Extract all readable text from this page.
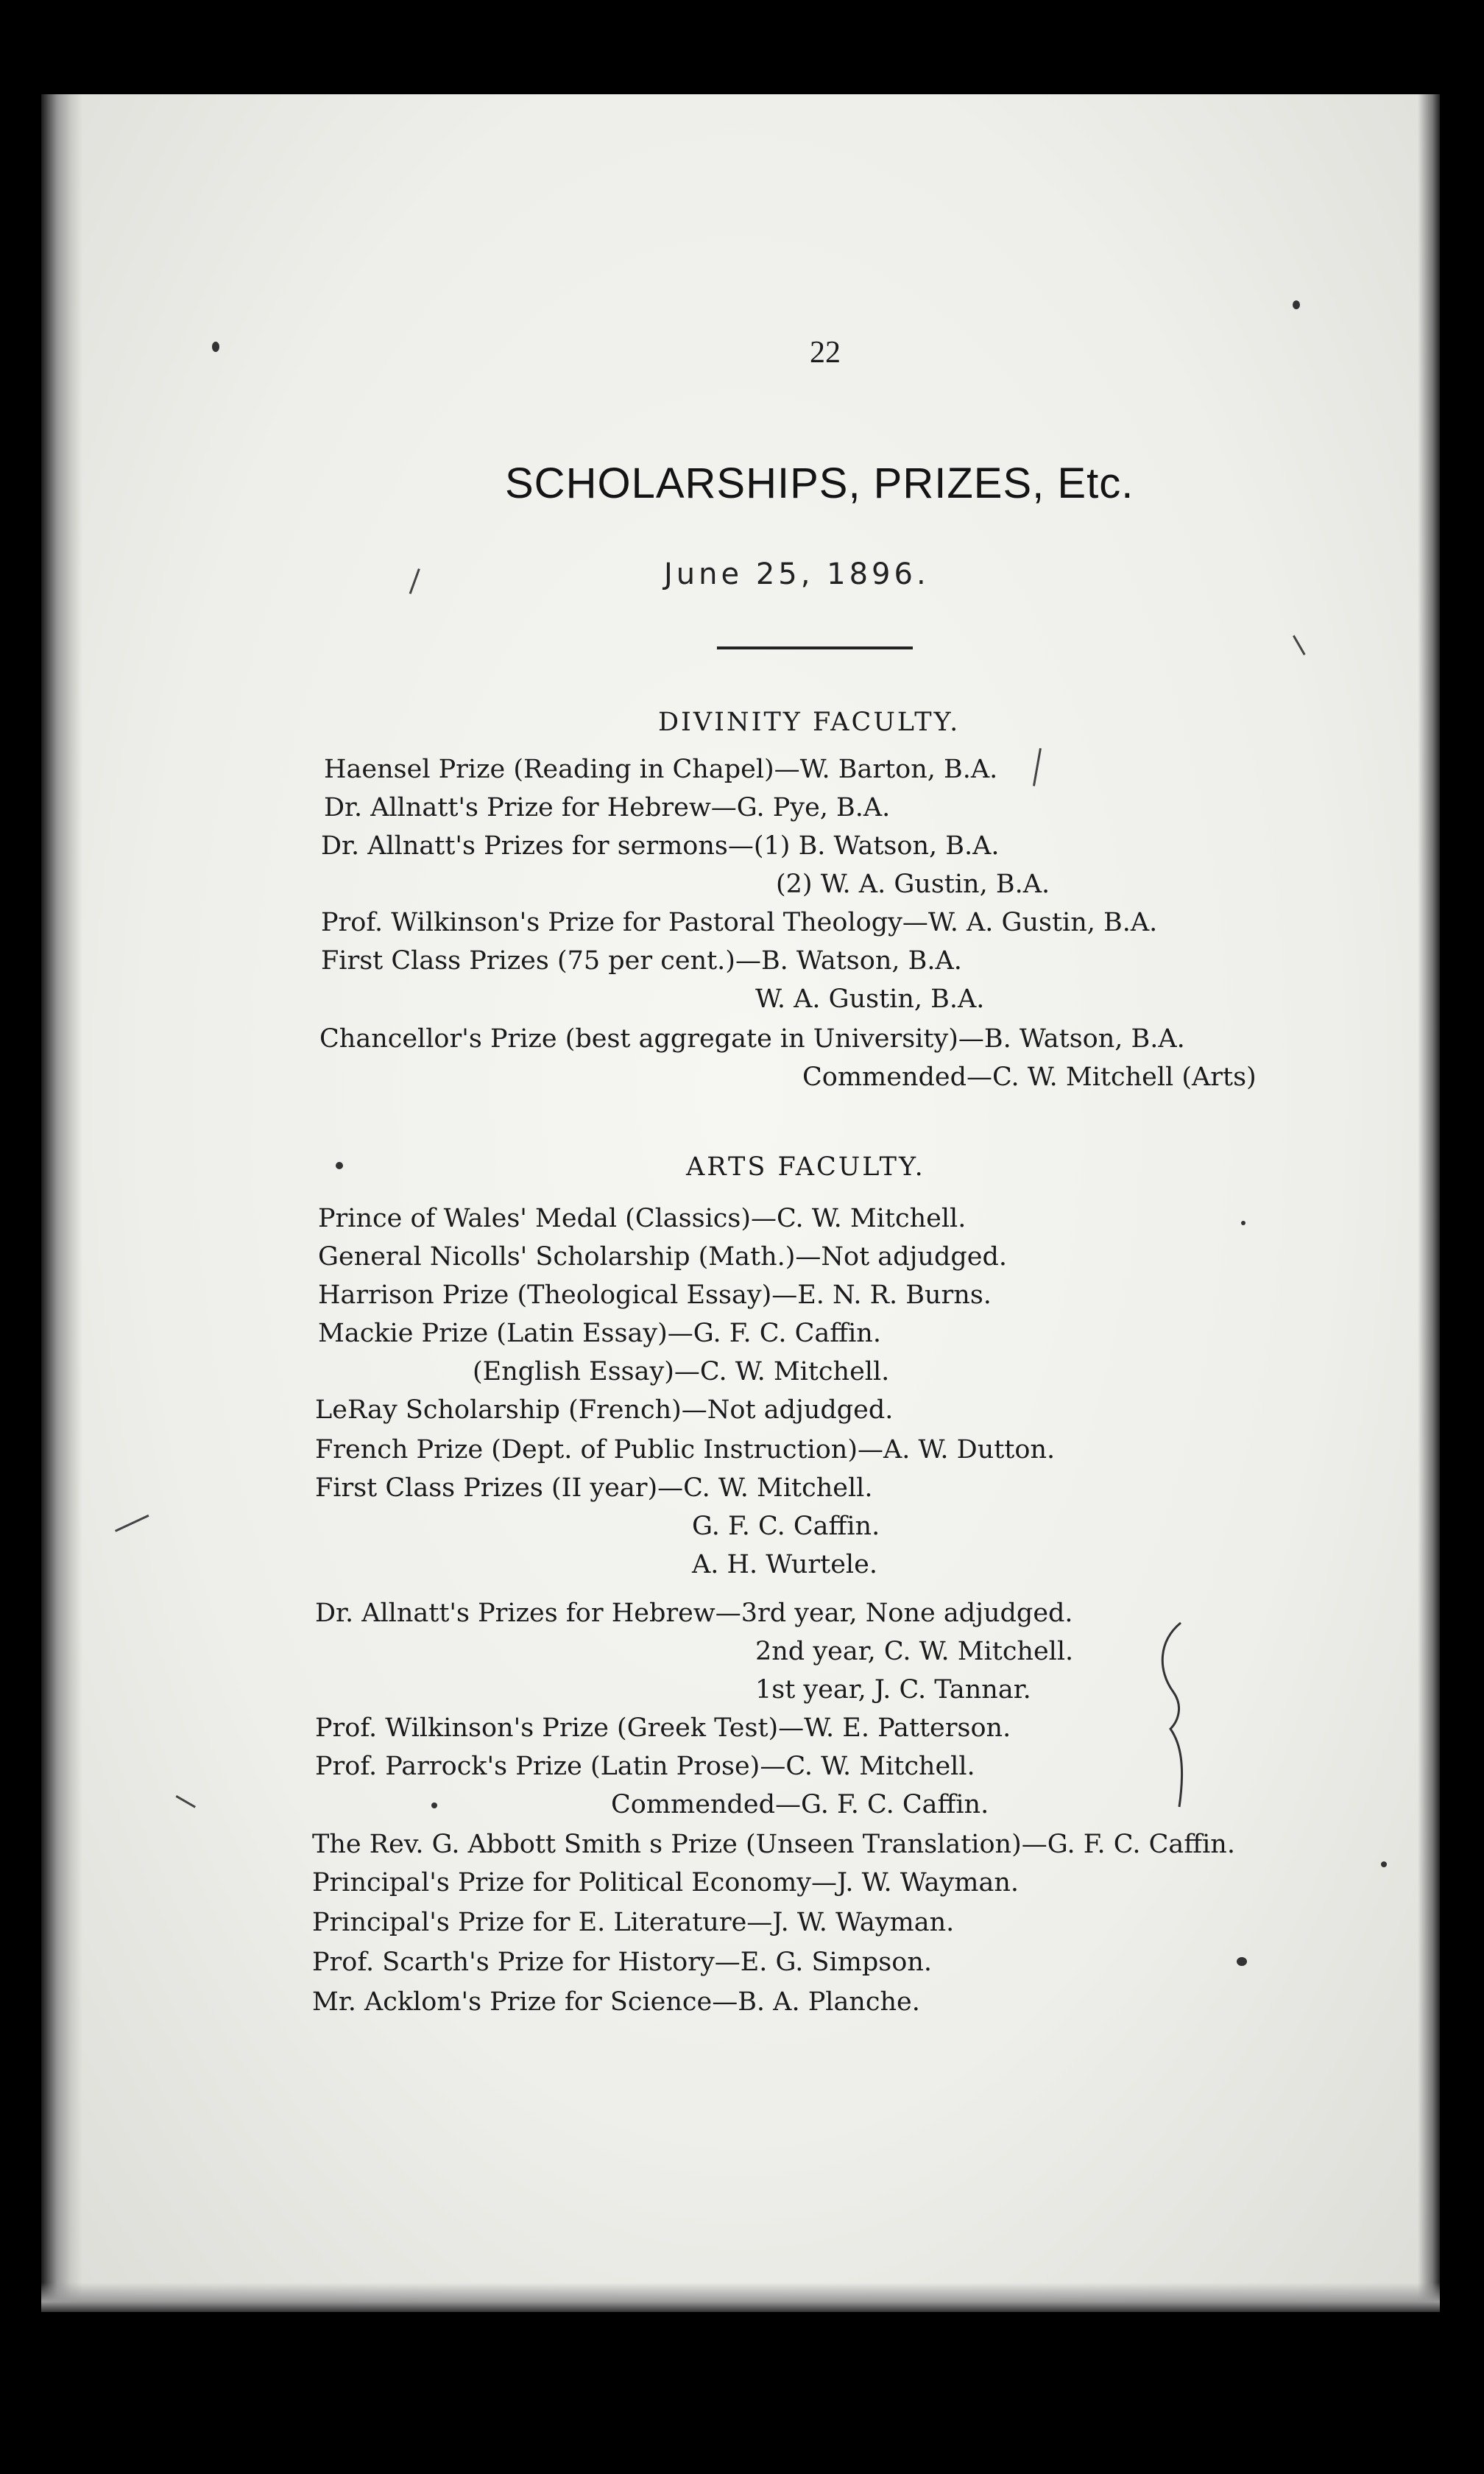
22
SCHOLARSHIPS, PRIZES, Etc.
June 25, 1896.
DIVINITY FACULTY.
Haensel Prize (Reading in Chapel)—W. Barton, B.A.
Dr. Allnatt's Prize for Hebrew—G. Pye, B.A.
Dr. Allnatt's Prizes for sermons—(1) B. Watson, B.A.
(2) W. A. Gustin, B.A.
Prof. Wilkinson's Prize for Pastoral Theology—W. A. Gustin, B.A.
First Class Prizes (75 per cent.)—B. Watson, B.A.
W. A. Gustin, B.A.
Chancellor's Prize (best aggregate in University)—B. Watson, B.A.
Commended—C. W. Mitchell (Arts)
ARTS FACULTY.
Prince of Wales' Medal (Classics)—C. W. Mitchell.
General Nicolls' Scholarship (Math.)—Not adjudged.
Harrison Prize (Theological Essay)—E. N. R. Burns.
Mackie Prize (Latin Essay)—G. F. C. Caffin.
(English Essay)—C. W. Mitchell.
LeRay Scholarship (French)—Not adjudged.
French Prize (Dept. of Public Instruction)—A. W. Dutton.
First Class Prizes (II year)—C. W. Mitchell.
G. F. C. Caffin.
A. H. Wurtele.
Dr. Allnatt's Prizes for Hebrew—3rd year, None adjudged.
2nd year, C. W. Mitchell.
1st year, J. C. Tannar.
Prof. Wilkinson's Prize (Greek Test)—W. E. Patterson.
Prof. Parrock's Prize (Latin Prose)—C. W. Mitchell.
Commended—G. F. C. Caffin.
The Rev. G. Abbott Smith s Prize (Unseen Translation)—G. F. C. Caffin.
Principal's Prize for Political Economy—J. W. Wayman.
Principal's Prize for E. Literature—J. W. Wayman.
Prof. Scarth's Prize for History—E. G. Simpson.
Mr. Acklom's Prize for Science—B. A. Planche.
